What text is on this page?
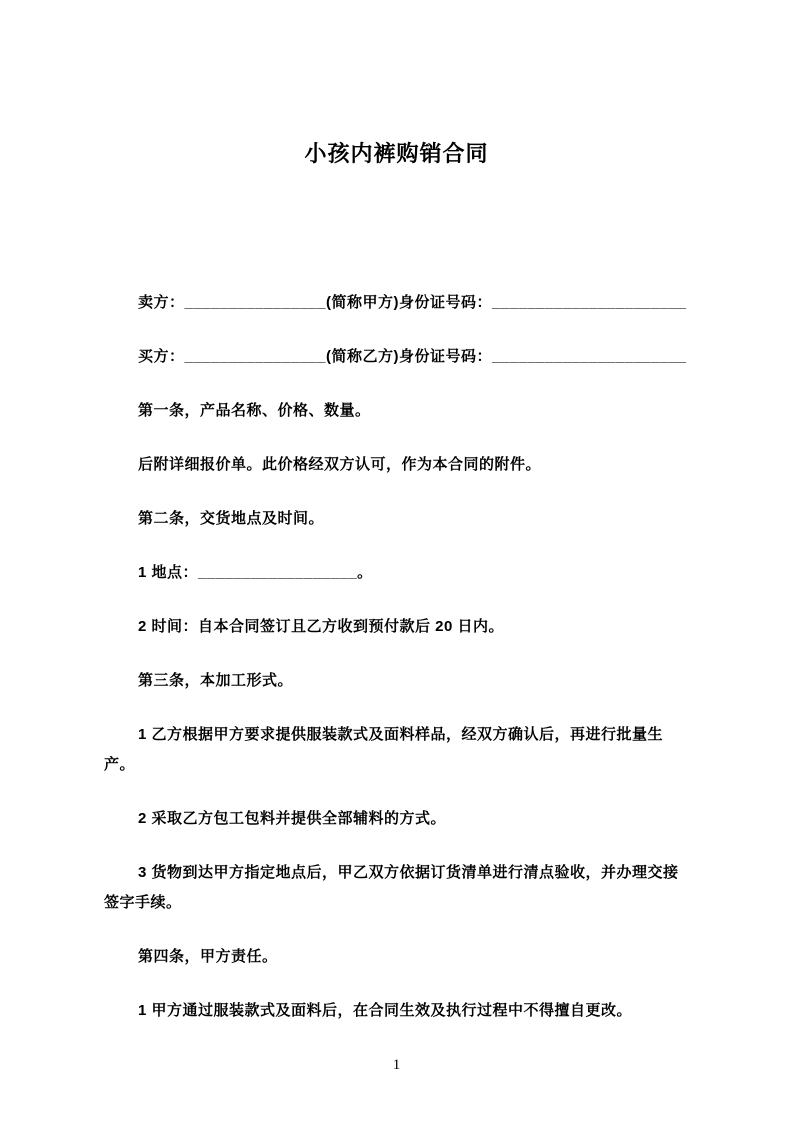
小孩内裤购销合同

卖方：________________(简称甲方)身份证号码：______________________

买方：________________(简称乙方)身份证号码：______________________

第一条，产品名称、价格、数量。

后附详细报价单。此价格经双方认可，作为本合同的附件。

第二条，交货地点及时间。

1 地点：__________________。

2 时间：自本合同签订且乙方收到预付款后 20 日内。

第三条，本加工形式。

1 乙方根据甲方要求提供服装款式及面料样品，经双方确认后，再进行批量生产。

2 采取乙方包工包料并提供全部辅料的方式。

3 货物到达甲方指定地点后，甲乙双方依据订货清单进行清点验收，并办理交接签字手续。

第四条，甲方责任。

1 甲方通过服装款式及面料后，在合同生效及执行过程中不得擅自更改。

1
